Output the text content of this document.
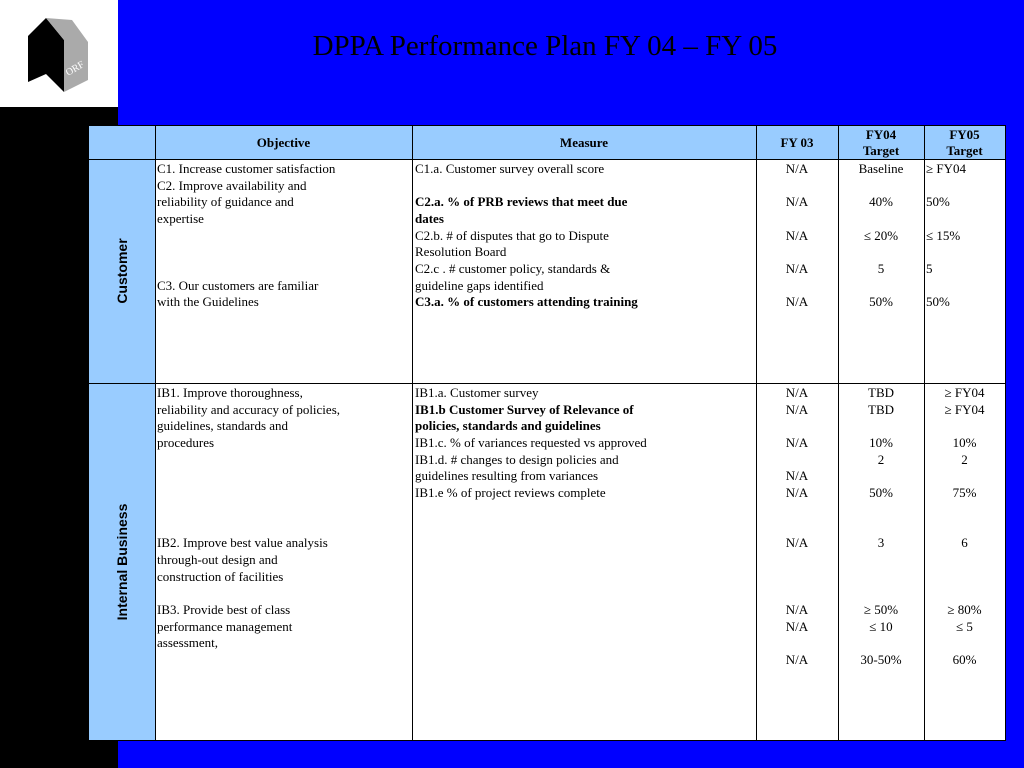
ORF
DPPA Performance Plan FY 04 – FY 05
Objective	Measure	FY 03
FY04
Target
FY05
Target
Customer
Internal Business
C1. Increase customer satisfaction
C2. Improve availability and
reliability of guidance and
expertise
C3. Our customers are familiar
with the Guidelines
C1.a. Customer survey overall score
C2.a. % of PRB reviews that meet due
dates
C2.b. # of disputes that go to Dispute
Resolution Board
C2.c . # customer policy, standards &
guideline gaps identified
C3.a. % of customers attending training
N/A
N/A
N/A
N/A
N/A
Baseline
40%
≤ 20%
5
50%
≥ FY04
50%
≤ 15%
5
50%
IB1. Improve thoroughness,
reliability and accuracy of policies,
guidelines, standards and
procedures
IB2. Improve best value analysis
through-out design and
construction of facilities
IB3. Provide best of class
performance management
assessment,
IB1.a. Customer survey
IB1.b Customer Survey of Relevance of
policies, standards and guidelines
IB1.c. % of variances requested vs approved
IB1.d. # changes to design policies and
guidelines resulting from variances
IB1.e % of project reviews complete
N/A
N/A
N/A
N/A
N/A
N/A
N/A
N/A
N/A
TBD
TBD
10%
2
50%
3
≥ 50%
≤ 10
30-50%
≥ FY04
≥ FY04
10%
2
75%
6
≥ 80%
≤ 5
60%
